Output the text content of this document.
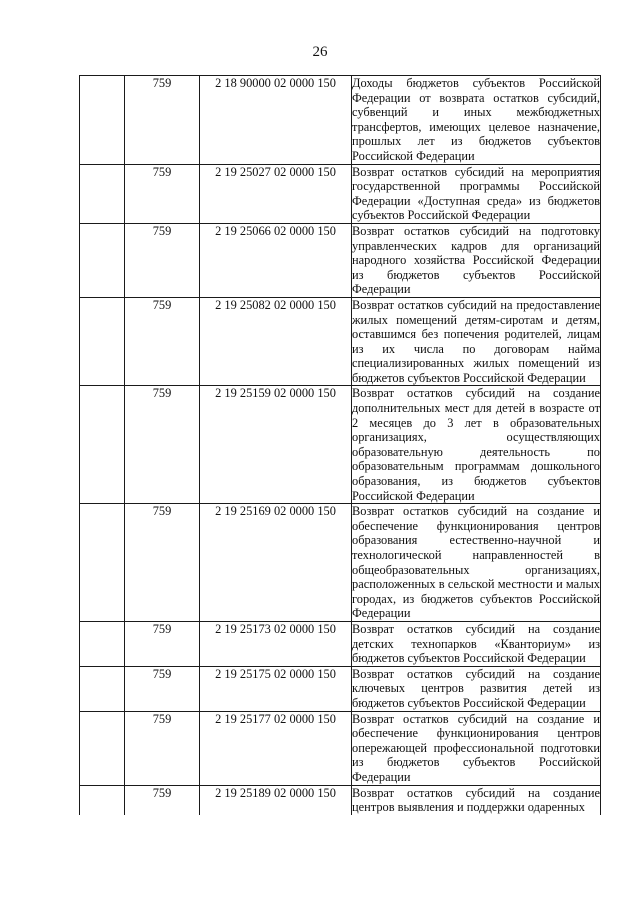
26
	759	2 18 90000 02 0000 150	Доходы бюджетов субъектов Российской Федерации от возврата остатков субсидий, субвенций и иных межбюджетных трансфертов, имеющих целевое назначение, прошлых лет из бюджетов субъектов Российской Федерации
	759	2 19 25027 02 0000 150	Возврат остатков субсидий на мероприятия государственной программы Российской Федерации «Доступная среда» из бюджетов субъектов Российской Федерации
	759	2 19 25066 02 0000 150	Возврат остатков субсидий на подготовку управленческих кадров для организаций народного хозяйства Российской Федерации из бюджетов субъектов Российской Федерации
	759	2 19 25082 02 0000 150	Возврат остатков субсидий на предоставление жилых помещений детям-сиротам и детям, оставшимся без попечения родителей, лицам из их числа по договорам найма специализированных жилых помещений из бюджетов субъектов Российской Федерации
	759	2 19 25159 02 0000 150	Возврат остатков субсидий на создание дополнительных мест для детей в возрасте от 2 месяцев до 3 лет в образовательных организациях, осуществляющих образовательную деятельность по образовательным программам дошкольного образования, из бюджетов субъектов Российской Федерации
	759	2 19 25169 02 0000 150	Возврат остатков субсидий на создание и обеспечение функционирования центров образования естественно-научной и технологической направленностей в общеобразовательных организациях, расположенных в сельской местности и малых городах, из бюджетов субъектов Российской Федерации
	759	2 19 25173 02 0000 150	Возврат остатков субсидий на создание детских технопарков «Кванториум» из бюджетов субъектов Российской Федерации
	759	2 19 25175 02 0000 150	Возврат остатков субсидий на создание ключевых центров развития детей из бюджетов субъектов Российской Федерации
	759	2 19 25177 02 0000 150	Возврат остатков субсидий на создание и обеспечение функционирования центров опережающей профессиональной подготовки из бюджетов субъектов Российской Федерации
	759	2 19 25189 02 0000 150	Возврат остатков субсидий на создание центров выявления и поддержки одаренных
